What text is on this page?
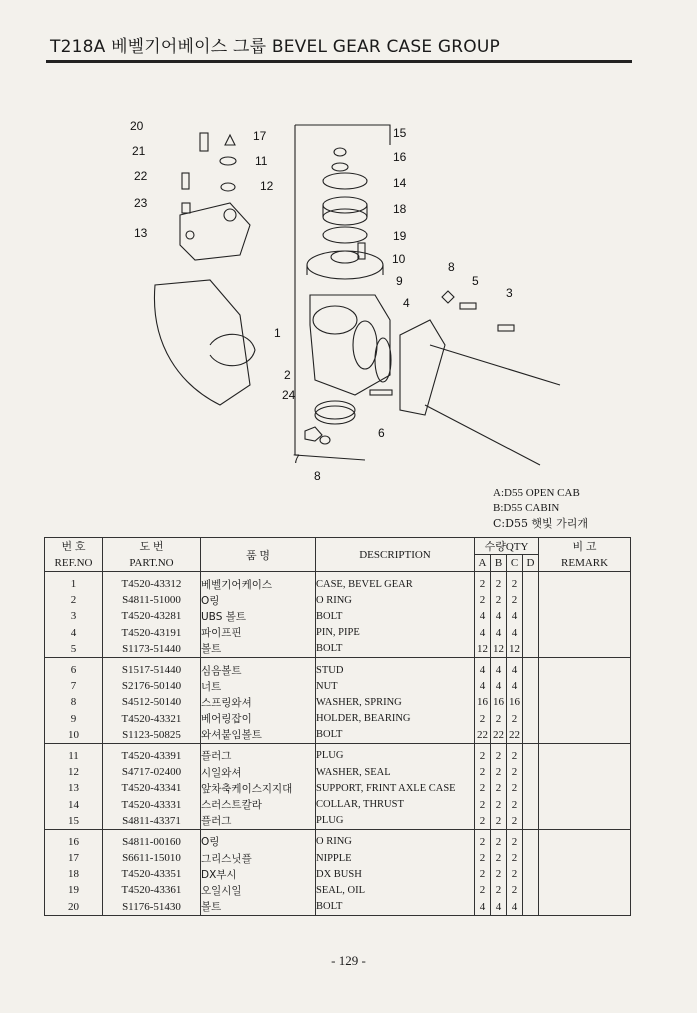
T218A 베벨기어베이스 그룹 BEVEL GEAR CASE GROUP
20
21
22
23
13
17
11
12
15
16
14
18
19
10
9
8
5
3
4
1
2
24
6
7
8
A:D55 OPEN CAB
B:D55 CABIN
C:D55 햇빛 가리개
번 호	도 번	품 명	DESCRIPTION	수량QTY				비 고
REF.NO	PART.NO			A	B	C	D	REMARK
1	T4520-43312	베벨기어케이스	CASE, BEVEL GEAR	2	2	2		
2	S4811-51000	O링	O RING	2	2	2		
3	T4520-43281	UBS 볼트	BOLT	4	4	4		
4	T4520-43191	파이프핀	PIN, PIPE	4	4	4		
5	S1173-51440	볼트	BOLT	12	12	12		
6	S1517-51440	심음볼트	STUD	4	4	4		
7	S2176-50140	너트	NUT	4	4	4		
8	S4512-50140	스프링와셔	WASHER, SPRING	16	16	16		
9	T4520-43321	베어링잡이	HOLDER, BEARING	2	2	2		
10	S1123-50825	와셔붙임볼트	BOLT	22	22	22		
11	T4520-43391	플러그	PLUG	2	2	2		
12	S4717-02400	시일와셔	WASHER, SEAL	2	2	2		
13	T4520-43341	앞차축케이스지지대	SUPPORT, FRINT AXLE CASE	2	2	2		
14	T4520-43331	스러스트칼라	COLLAR, THRUST	2	2	2		
15	S4811-43371	플러그	PLUG	2	2	2		
16	S4811-00160	O링	O RING	2	2	2		
17	S6611-15010	그리스닛플	NIPPLE	2	2	2		
18	T4520-43351	DX부시	DX BUSH	2	2	2		
19	T4520-43361	오일시일	SEAL, OIL	2	2	2		
20	S1176-51430	볼트	BOLT	4	4	4		
- 129 -
